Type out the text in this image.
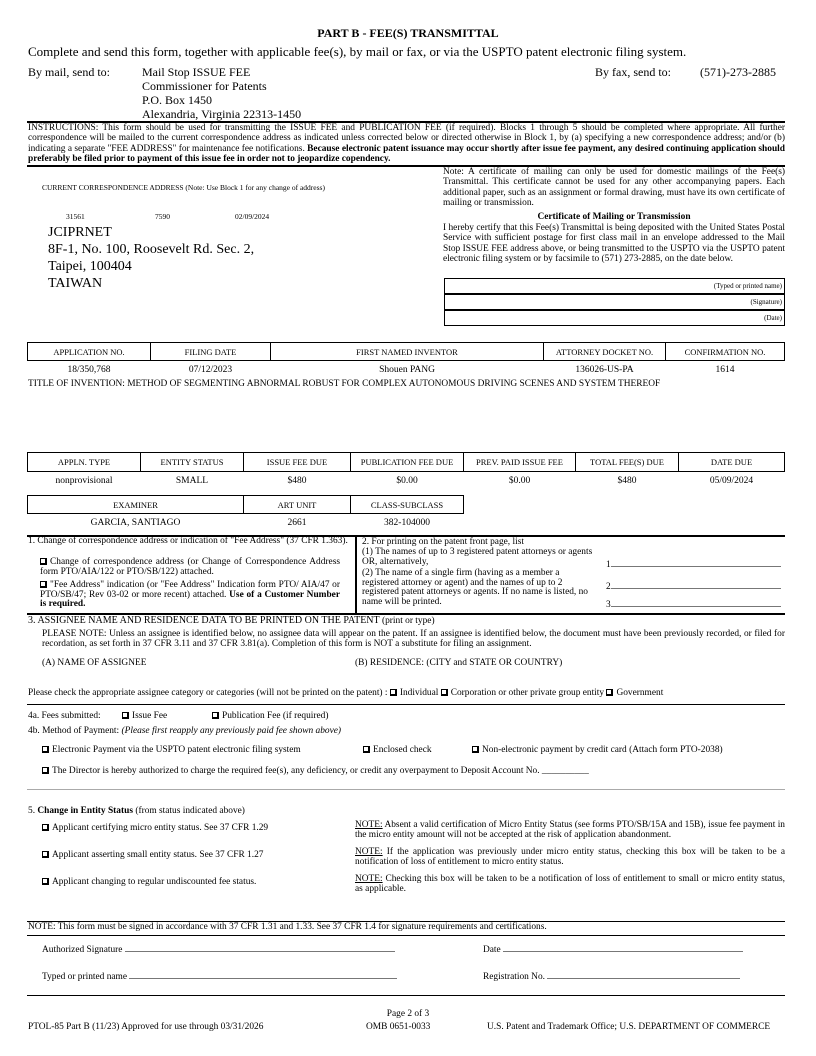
PART B - FEE(S) TRANSMITTAL
Complete and send this form, together with applicable fee(s), by mail or fax, or via the USPTO patent electronic filing system.
By mail, send to:	Mail Stop ISSUE FEE
Commissioner for Patents
P.O. Box 1450
Alexandria, Virginia 22313-1450
By fax, send to: (571)-273-2885
INSTRUCTIONS: This form should be used for transmitting the ISSUE FEE and PUBLICATION FEE (if required). Blocks 1 through 5 should be completed where appropriate. All further correspondence will be mailed to the current correspondence address as indicated unless corrected below or directed otherwise in Block 1, by (a) specifying a new correspondence address; and/or (b) indicating a separate "FEE ADDRESS" for maintenance fee notifications. Because electronic patent issuance may occur shortly after issue fee payment, any desired continuing application should preferably be filed prior to payment of this issue fee in order not to jeopardize copendency.
CURRENT CORRESPONDENCE ADDRESS (Note: Use Block 1 for any change of address)
31561	7590	02/09/2024
JCIPRNET
8F-1, No. 100, Roosevelt Rd. Sec. 2,
Taipei, 100404
TAIWAN
Note: A certificate of mailing can only be used for domestic mailings of the Fee(s) Transmittal. This certificate cannot be used for any other accompanying papers. Each additional paper, such as an assignment or formal drawing, must have its own certificate of mailing or transmission.
Certificate of Mailing or Transmission
I hereby certify that this Fee(s) Transmittal is being deposited with the United States Postal Service with sufficient postage for first class mail in an envelope addressed to the Mail Stop ISSUE FEE address above, or being transmitted to the USPTO via the USPTO patent electronic filing system or by facsimile to (571) 273-2885, on the date below.
(Typed or printed name)
(Signature)
(Date)
APPLICATION NO.	FILING DATE	FIRST NAMED INVENTOR	ATTORNEY DOCKET NO.	CONFIRMATION NO.
18/350,768	07/12/2023	Shouen PANG	136026-US-PA	1614
TITLE OF INVENTION: METHOD OF SEGMENTING ABNORMAL ROBUST FOR COMPLEX AUTONOMOUS DRIVING SCENES AND SYSTEM THEREOF
APPLN. TYPE	ENTITY STATUS	ISSUE FEE DUE	PUBLICATION FEE DUE	PREV. PAID ISSUE FEE	TOTAL FEE(S) DUE	DATE DUE
nonprovisional	SMALL	$480	$0.00	$0.00	$480	05/09/2024
EXAMINER	ART UNIT	CLASS-SUBCLASS
GARCIA, SANTIAGO	2661	382-104000
1. Change of correspondence address or indication of "Fee Address" (37 CFR 1.363).
Change of correspondence address (or Change of Correspondence Address form PTO/AIA/122 or PTO/SB/122) attached.
"Fee Address" indication (or "Fee Address" Indication form PTO/ AIA/47 or PTO/SB/47; Rev 03-02 or more recent) attached. Use of a Customer Number is required.
2. For printing on the patent front page, list
(1) The names of up to 3 registered patent attorneys or agents OR, alternatively,
(2) The name of a single firm (having as a member a registered attorney or agent) and the names of up to 2 registered patent attorneys or agents. If no name is listed, no name will be printed.
1
2
3
3. ASSIGNEE NAME AND RESIDENCE DATA TO BE PRINTED ON THE PATENT (print or type)
PLEASE NOTE: Unless an assignee is identified below, no assignee data will appear on the patent. If an assignee is identified below, the document must have been previously recorded, or filed for recordation, as set forth in 37 CFR 3.11 and 37 CFR 3.81(a). Completion of this form is NOT a substitute for filing an assignment.
(A) NAME OF ASSIGNEE	(B) RESIDENCE: (CITY and STATE OR COUNTRY)
Please check the appropriate assignee category or categories (will not be printed on the patent) : Individual Corporation or other private group entity Government
4a. Fees submitted:	Issue Fee	Publication Fee (if required)
4b. Method of Payment: (Please first reapply any previously paid fee shown above)
Electronic Payment via the USPTO patent electronic filing system	Enclosed check	Non-electronic payment by credit card (Attach form PTO-2038)
The Director is hereby authorized to charge the required fee(s), any deficiency, or credit any overpayment to Deposit Account No. __________
5. Change in Entity Status (from status indicated above)
Applicant certifying micro entity status. See 37 CFR 1.29
Applicant asserting small entity status. See 37 CFR 1.27
Applicant changing to regular undiscounted fee status.
NOTE: Absent a valid certification of Micro Entity Status (see forms PTO/SB/15A and 15B), issue fee payment in the micro entity amount will not be accepted at the risk of application abandonment.
NOTE: If the application was previously under micro entity status, checking this box will be taken to be a notification of loss of entitlement to micro entity status.
NOTE: Checking this box will be taken to be a notification of loss of entitlement to small or micro entity status, as applicable.
NOTE: This form must be signed in accordance with 37 CFR 1.31 and 1.33. See 37 CFR 1.4 for signature requirements and certifications.
Authorized Signature	Date
Typed or printed name	Registration No.
Page 2 of 3
PTOL-85 Part B (11/23) Approved for use through 03/31/2026	OMB 0651-0033	U.S. Patent and Trademark Office; U.S. DEPARTMENT OF COMMERCE
